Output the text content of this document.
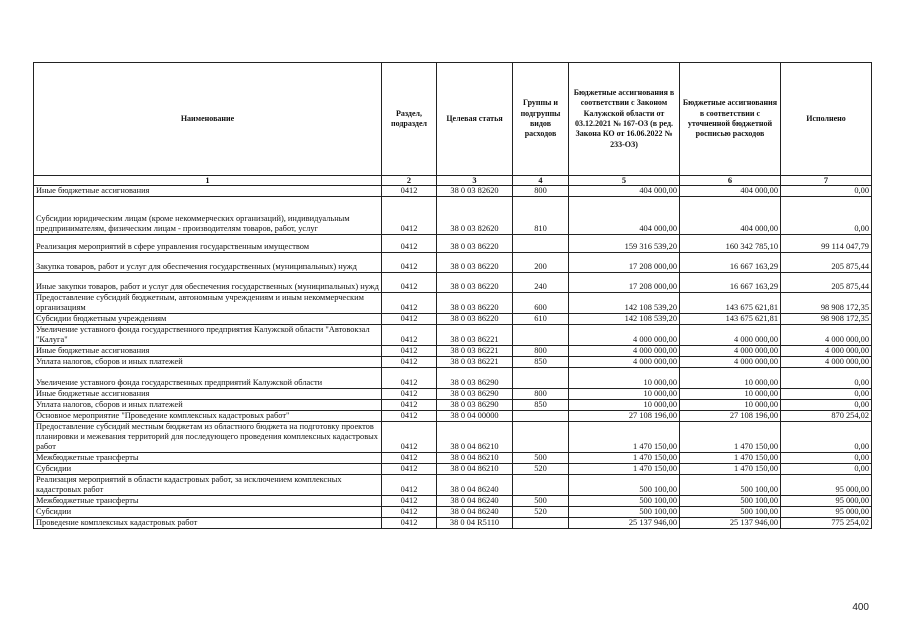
Наименование	Раздел, подраздел	Целевая статья	Группы и подгруппы видов расходов	Бюджетные ассигнования в соответствии с Законом Калужской области от 03.12.2021 № 167-ОЗ (в ред. Закона КО от 16.06.2022 № 233-ОЗ)	Бюджетные ассигнования в соответствии с уточненной бюджетной росписью расходов	Исполнено
1	2	3	4	5	6	7
Иные бюджетные ассигнования	0412	38 0 03 82620	800	404 000,00	404 000,00	0,00
Субсидии юридическим лицам (кроме некоммерческих организаций), индивидуальным предпринимателям, физическим лицам - производителям товаров, работ, услуг	0412	38 0 03 82620	810	404 000,00	404 000,00	0,00
Реализация мероприятий в сфере управления государственным имуществом	0412	38 0 03 86220		159 316 539,20	160 342 785,10	99 114 047,79
Закупка товаров, работ и услуг для обеспечения государственных (муниципальных) нужд	0412	38 0 03 86220	200	17 208 000,00	16 667 163,29	205 875,44
Иные закупки товаров, работ и услуг для обеспечения государственных (муниципальных) нужд	0412	38 0 03 86220	240	17 208 000,00	16 667 163,29	205 875,44
Предоставление субсидий бюджетным, автономным учреждениям и иным некоммерческим организациям	0412	38 0 03 86220	600	142 108 539,20	143 675 621,81	98 908 172,35
Субсидии бюджетным учреждениям	0412	38 0 03 86220	610	142 108 539,20	143 675 621,81	98 908 172,35
Увеличение уставного фонда государственного предприятия Калужской области "Автовокзал "Калуга"	0412	38 0 03 86221		4 000 000,00	4 000 000,00	4 000 000,00
Иные бюджетные ассигнования	0412	38 0 03 86221	800	4 000 000,00	4 000 000,00	4 000 000,00
Уплата налогов, сборов и иных платежей	0412	38 0 03 86221	850	4 000 000,00	4 000 000,00	4 000 000,00
Увеличение уставного фонда государственных предприятий Калужской области	0412	38 0 03 86290		10 000,00	10 000,00	0,00
Иные бюджетные ассигнования	0412	38 0 03 86290	800	10 000,00	10 000,00	0,00
Уплата налогов, сборов и иных платежей	0412	38 0 03 86290	850	10 000,00	10 000,00	0,00
Основное мероприятие "Проведение комплексных кадастровых работ"	0412	38 0 04 00000		27 108 196,00	27 108 196,00	870 254,02
Предоставление субсидий местным бюджетам из областного бюджета на подготовку проектов планировки и межевания территорий для последующего проведения комплексных кадастровых работ	0412	38 0 04 86210		1 470 150,00	1 470 150,00	0,00
Межбюджетные трансферты	0412	38 0 04 86210	500	1 470 150,00	1 470 150,00	0,00
Субсидии	0412	38 0 04 86210	520	1 470 150,00	1 470 150,00	0,00
Реализация мероприятий в области кадастровых работ, за исключением комплексных кадастровых работ	0412	38 0 04 86240		500 100,00	500 100,00	95 000,00
Межбюджетные трансферты	0412	38 0 04 86240	500	500 100,00	500 100,00	95 000,00
Субсидии	0412	38 0 04 86240	520	500 100,00	500 100,00	95 000,00
Проведение комплексных кадастровых работ	0412	38 0 04 R5110		25 137 946,00	25 137 946,00	775 254,02
400
